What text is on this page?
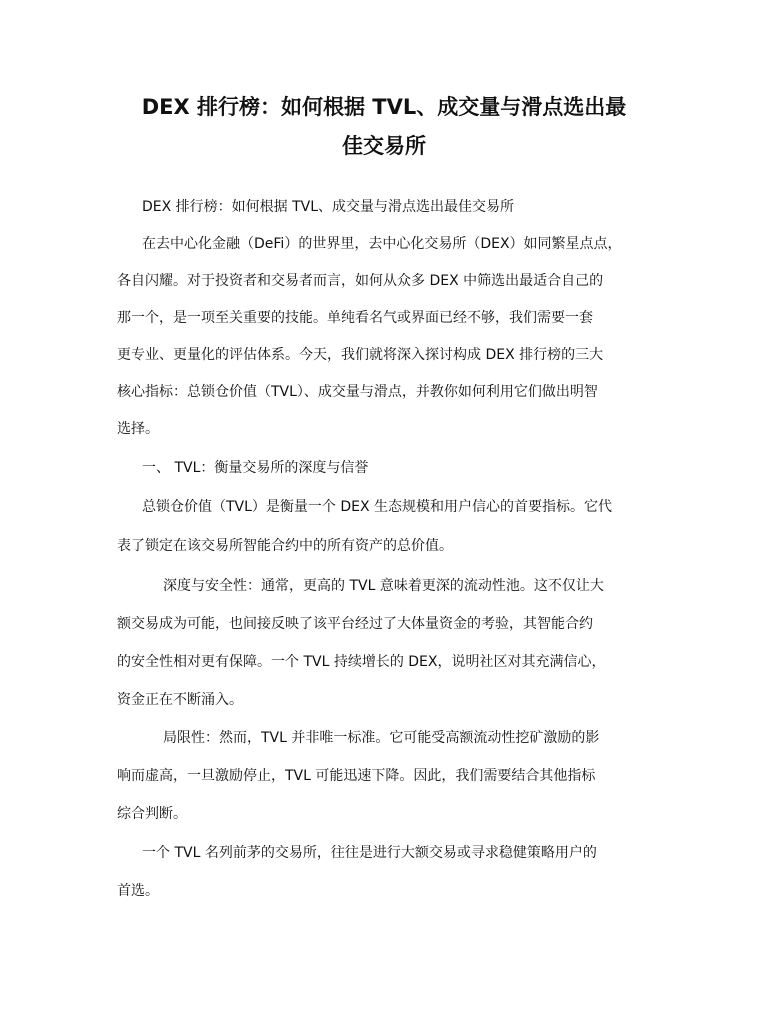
DEX 排行榜：如何根据 TVL、成交量与滑点选出最
佳交易所

DEX 排行榜：如何根据 TVL、成交量与滑点选出最佳交易所

在去中心化金融（DeFi）的世界里，去中心化交易所（DEX）如同繁星点点，

各自闪耀。对于投资者和交易者而言，如何从众多 DEX 中筛选出最适合自己的

那一个，是一项至关重要的技能。单纯看名气或界面已经不够，我们需要一套

更专业、更量化的评估体系。今天，我们就将深入探讨构成 DEX 排行榜的三大

核心指标：总锁仓价值（TVL）、成交量与滑点，并教你如何利用它们做出明智

选择。

一、 TVL：衡量交易所的深度与信誉

总锁仓价值（TVL）是衡量一个 DEX 生态规模和用户信心的首要指标。它代

表了锁定在该交易所智能合约中的所有资产的总价值。

深度与安全性：通常，更高的 TVL 意味着更深的流动性池。这不仅让大

额交易成为可能，也间接反映了该平台经过了大体量资金的考验，其智能合约

的安全性相对更有保障。一个 TVL 持续增长的 DEX，说明社区对其充满信心，

资金正在不断涌入。

局限性：然而，TVL 并非唯一标准。它可能受高额流动性挖矿激励的影

响而虚高，一旦激励停止，TVL 可能迅速下降。因此，我们需要结合其他指标

综合判断。

一个 TVL 名列前茅的交易所，往往是进行大额交易或寻求稳健策略用户的

首选。
